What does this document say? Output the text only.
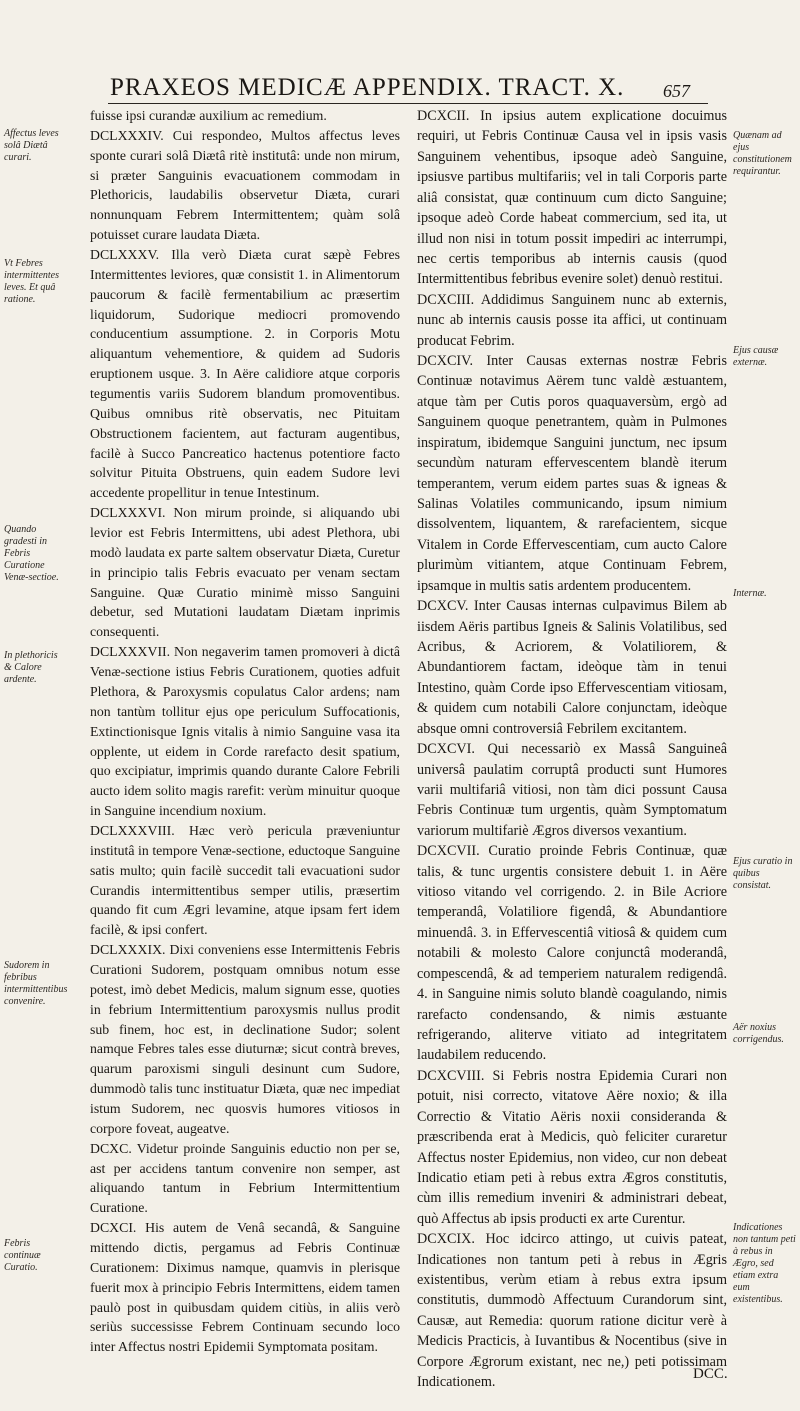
PRAXEOS MEDICÆ APPENDIX. TRACT. X. 657

fuisse ipsi curandæ auxilium ac remedium.

DCLXXXIV. Cui respondeo, Multos affectus leves sponte curari solâ Diætâ ritè institutâ: unde non mirum, si præter Sanguinis evacuationem commodam in Plethoricis, laudabilis observetur Diæta, curari nonnunquam Febrem Intermittentem; quàm solâ potuisset curare laudata Diæta.

DCLXXXV. Illa verò Diæta curat sæpè Febres Intermittentes leviores, quæ consistit 1. in Alimentorum paucorum & facilè fermentabilium ac præsertim liquidorum, Sudorique mediocri promovendo conducentium assumptione. 2. in Corporis Motu aliquantum vehementiore, & quidem ad Sudoris eruptionem usque. 3. In Aëre calidiore atque corporis tegumentis variis Sudorem blandum promoventibus. Quibus omnibus ritè observatis, nec Pituitam Obstructionem facientem, aut facturam augentibus, facilè à Succo Pancreatico hactenus potentiore facto solvitur Pituita Obstruens, quin eadem Sudore levi accedente propellitur in tenue Intestinum.

DCLXXXVI. Non mirum proinde, si aliquando ubi levior est Febris Intermittens, ubi adest Plethora, ubi modò laudata ex parte saltem observatur Diæta, Curetur in principio talis Febris evacuato per venam sectam Sanguine. Quæ Curatio minimè misso Sanguini debetur, sed Mutationi laudatam Diætam inprimis consequenti.

DCLXXXVII. Non negaverim tamen promoveri à dictâ Venæ-sectione istius Febris Curationem, quoties adfuit Plethora, & Paroxysmis copulatus Calor ardens; nam non tantùm tollitur ejus ope periculum Suffocationis, Extinctionisque Ignis vitalis à nimio Sanguine vasa ita opplente, ut eidem in Corde rarefacto desit spatium, quo excipiatur, imprimis quando durante Calore Febrili aucto idem solito magis rarefit: verùm minuitur quoque in Sanguine incendium noxium.

DCLXXXVIII. Hæc verò pericula præveniuntur institutâ in tempore Venæ-sectione, eductoque Sanguine satis multo; quin facilè succedit tali evacuationi sudor Curandis intermittentibus semper utilis, præsertim quando fit cum Ægri levamine, atque ipsam fert idem facilè, & ipsi confert.

DCLXXXIX. Dixi conveniens esse Intermittenis Febris Curationi Sudorem, postquam omnibus notum esse potest, imò debet Medicis, malum signum esse, quoties in febrium Intermittentium paroxysmis nullus prodit sub finem, hoc est, in declinatione Sudor; solent namque Febres tales esse diuturnæ; sicut contrà breves, quarum paroxismi singuli desinunt cum Sudore, dummodò talis tunc instituatur Diæta, quæ nec impediat istum Sudorem, nec quosvis humores vitiosos in corpore foveat, augeatve.

DCXC. Videtur proinde Sanguinis eductio non per se, ast per accidens tantum convenire non semper, ast aliquando tantum in Febrium Intermittentium Curatione.

DCXCI. His autem de Venâ secandâ, & Sanguine mittendo dictis, pergamus ad Febris Continuæ Curationem: Diximus namque, quamvis in plerisque fuerit mox à principio Febris Intermittens, eidem tamen paulò post in quibusdam quidem citiùs, in aliis verò seriùs successisse Febrem Continuam secundo loco inter Affectus nostri Epidemii Symptomata positam.

DCXCII. In ipsius autem explicatione docuimus requiri, ut Febris Continuæ Causa vel in ipsis vasis Sanguinem vehentibus, ipsoque adeò Sanguine, ipsiusve partibus multifariis; vel in tali Corporis parte aliâ consistat, quæ continuum cum dicto Sanguine; ipsoque adeò Corde habeat commercium, sed ita, ut illud non nisi in totum possit impediri ac interrumpi, nec certis temporibus ab internis causis (quod Intermittentibus febribus evenire solet) denuò restitui.

DCXCIII. Addidimus Sanguinem nunc ab externis, nunc ab internis causis posse ita affici, ut continuam producat Febrim.

DCXCIV. Inter Causas externas nostræ Febris Continuæ notavimus Aërem tunc valdè æstuantem, atque tàm per Cutis poros quaquaversùm, ergò ad Sanguinem quoque penetrantem, quàm in Pulmones inspiratum, ibidemque Sanguini junctum, nec ipsum secundùm naturam effervescentem blandè iterum temperantem, verum eidem partes suas & igneas & Salinas Volatiles communicando, ipsum nimium dissolventem, liquantem, & rarefacientem, sicque Vitalem in Corde Effervescentiam, cum aucto Calore plurimùm vitiantem, atque Continuam Febrem, ipsamque in multis satis ardentem producentem.

DCXCV. Inter Causas internas culpavimus Bilem ab iisdem Aëris partibus Igneis & Salinis Volatilibus, sed Acribus, & Acriorem, & Volatiliorem, & Abundantiorem factam, ideòque tàm in tenui Intestino, quàm Corde ipso Effervescentiam vitiosam, & quidem cum notabili Calore conjunctam, ideòque absque omni controversiâ Febrilem excitantem.

DCXCVI. Qui necessariò ex Massâ Sanguineâ universâ paulatim corruptâ producti sunt Humores varii multifariâ vitiosi, non tàm dici possunt Causa Febris Continuæ tum urgentis, quàm Symptomatum variorum multifariè Ægros diversos vexantium.

DCXCVII. Curatio proinde Febris Continuæ, quæ talis, & tunc urgentis consistere debuit 1. in Aëre vitioso vitando vel corrigendo. 2. in Bile Acriore temperandâ, Volatiliore figendâ, & Abundantiore minuendâ. 3. in Effervescentiâ vitiosâ & quidem cum notabili & molesto Calore conjunctâ moderandâ, compescendâ, & ad temperiem naturalem redigendâ. 4. in Sanguine nimis soluto blandè coagulando, nimis rarefacto condensando, & nimis æstuante refrigerando, aliterve vitiato ad integritatem laudabilem reducendo.

DCXCVIII. Si Febris nostra Epidemia Curari non potuit, nisi correcto, vitatove Aëre noxio; & illa Correctio & Vitatio Aëris noxii consideranda & præscribenda erat à Medicis, quò feliciter curaretur Affectus noster Epidemius, non video, cur non debeat Indicatio etiam peti à rebus extra Ægros constitutis, cùm illis remedium inveniri & administrari debeat, quò Affectus ab ipsis producti ex arte Curentur.

DCXCIX. Hoc idcirco attingo, ut cuivis pateat, Indicationes non tantum peti à rebus in Ægris existentibus, verùm etiam à rebus extra ipsum constitutis, dummodò Affectuum Curandorum sint, Causæ, aut Remedia: quorum ratione dicitur verè à Medicis Practicis, à Iuvantibus & Nocentibus (sive in Corpore Ægrorum existant, nec ne,) peti potissimam Indicationem.

Affectus leves solâ Diætâ curari.
Vt Febres intermittentes leves. Et quâ ratione.
Quando gradesti in Febris Curatione Venæ-sectioe.
In plethoricis & Calore ardente.
Sudorem in febribus intermittentibus convenire.
Febris continuæ Curatio.
Quænam ad ejus constitutionem requirantur.
Ejus causæ externæ.
Internæ.
Ejus curatio in quibus consistat.
Aër noxius corrigendus.
Indicationes non tantum peti à rebus in Ægro, sed etiam extra eum existentibus.
DCC.
